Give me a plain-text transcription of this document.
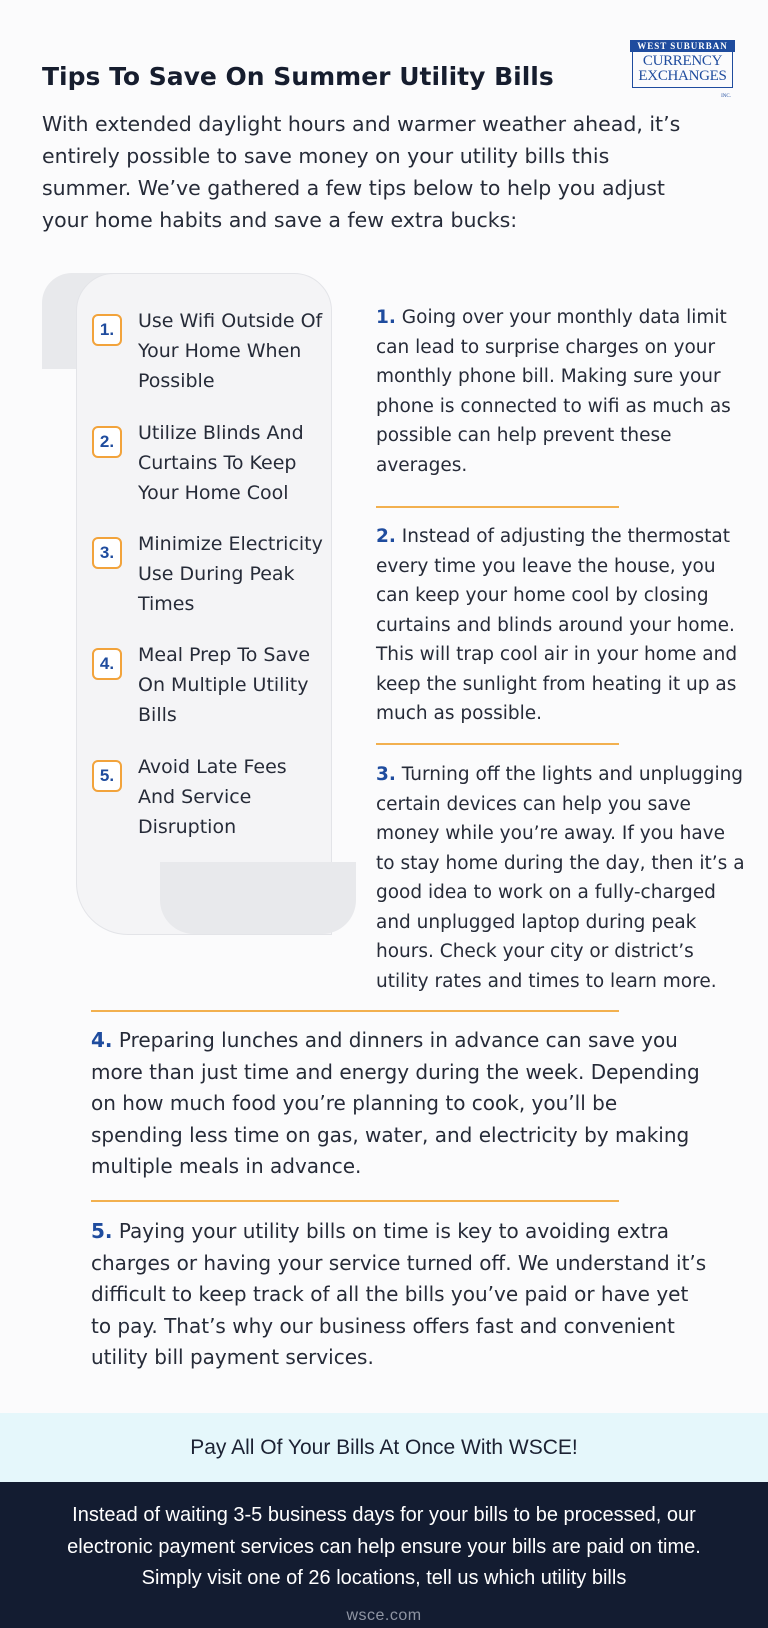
Tips To Save On Summer Utility Bills
WEST SUBURBAN
CURRENCY
EXCHANGES
INC.
With extended daylight hours and warmer weather ahead, it’s entirely possible to save money on your utility bills this summer. We’ve gathered a few tips below to help you adjust your home habits and save a few extra bucks:
1.	Use Wifi Outside Of Your Home When Possible
2.	Utilize Blinds And Curtains To Keep Your Home Cool
3.	Minimize Electricity Use During Peak Times
4.	Meal Prep To Save On Multiple Utility Bills
5.	Avoid Late Fees And Service Disruption
1. Going over your monthly data limit can lead to surprise charges on your monthly phone bill. Making sure your phone is connected to wifi as much as possible can help prevent these averages.
2. Instead of adjusting the thermostat every time you leave the house, you can keep your home cool by closing curtains and blinds around your home. This will trap cool air in your home and keep the sunlight from heating it up as much as possible.
3. Turning off the lights and unplugging certain devices can help you save money while you’re away. If you have to stay home during the day, then it’s a good idea to work on a fully-charged and unplugged laptop during peak hours. Check your city or district’s utility rates and times to learn more.
4. Preparing lunches and dinners in advance can save you more than just time and energy during the week. Depending on how much food you’re planning to cook, you’ll be spending less time on gas, water, and electricity by making multiple meals in advance.
5. Paying your utility bills on time is key to avoiding extra charges or having your service turned off. We understand it’s difficult to keep track of all the bills you’ve paid or have yet to pay. That’s why our business offers fast and convenient utility bill payment services.
Pay All Of Your Bills At Once With WSCE!
Instead of waiting 3-5 business days for your bills to be processed, our electronic payment services can help ensure your bills are paid on time. Simply visit one of 26 locations, tell us which utility bills
wsce.com
